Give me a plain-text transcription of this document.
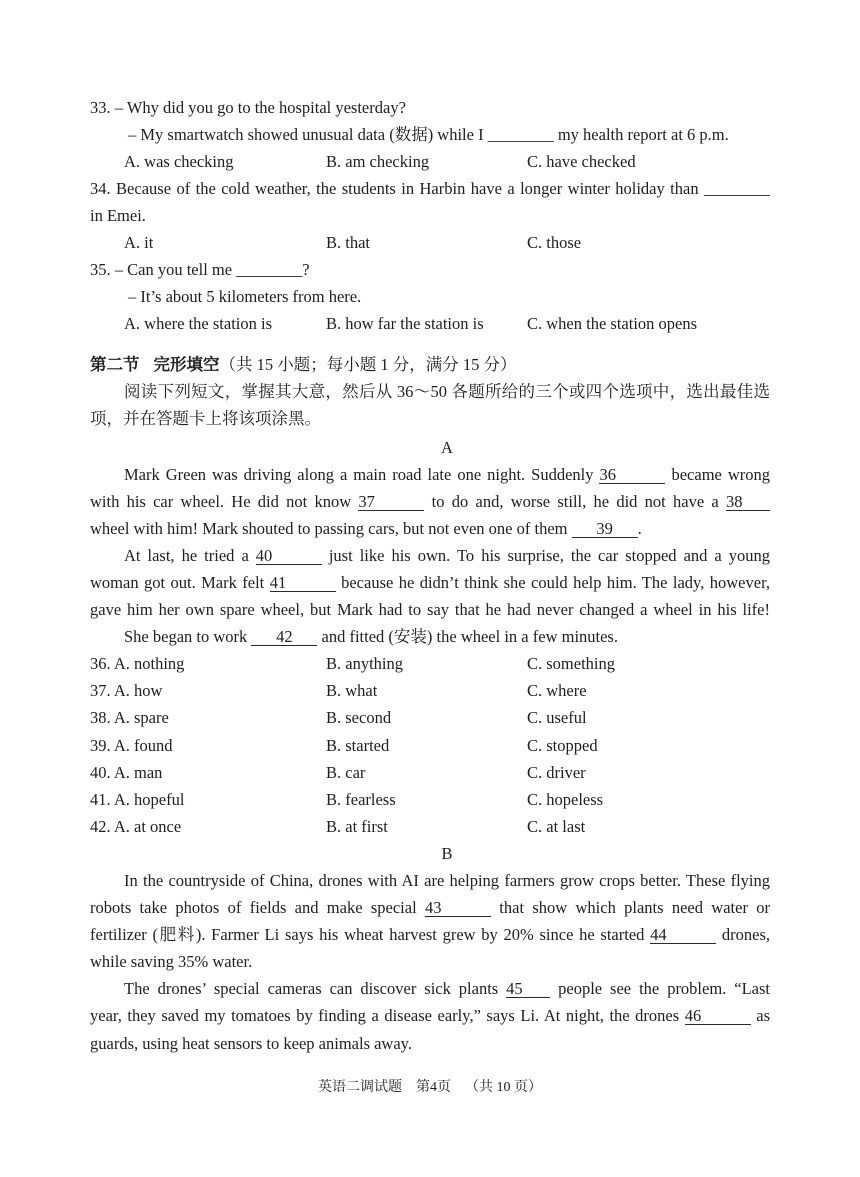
33. – Why did you go to the hospital yesterday?
– My smartwatch showed unusual data (数据) while I ________ my health report at 6 p.m.
A. was checking	B. am checking	C. have checked
34. Because of the cold weather, the students in Harbin have a longer winter holiday than ________
in Emei.
A. it	B. that	C. those
35. – Can you tell me ________?
– It’s about 5 kilometers from here.
A. where the station is	B. how far the station is	C. when the station opens
第二节 完形填空（共 15 小题；每小题 1 分，满分 15 分）
阅读下列短文，掌握其大意，然后从 36～50 各题所给的三个或四个选项中，选出最佳选
项，并在答题卡上将该项涂黑。
A
Mark Green was driving along a main road late one night. Suddenly 36	became wrong
with his car wheel. He did not know 37	to do and, worse still, he did not have a 38
wheel with him! Mark shouted to passing cars, but not even one of them 39 .
At last, he tried a 40	just like his own. To his surprise, the car stopped and a young
woman got out. Mark felt 41	because he didn’t think she could help him. The lady, however,
gave him her own spare wheel, but Mark had to say that he had never changed a wheel in his life!
She began to work 42 and fitted (安装) the wheel in a few minutes.
36. A. nothing	B. anything	C. something
37. A. how	B. what	C. where
38. A. spare	B. second	C. useful
39. A. found	B. started	C. stopped
40. A. man	B. car	C. driver
41. A. hopeful	B. fearless	C. hopeless
42. A. at once	B. at first	C. at last
B
In the countryside of China, drones with AI are helping farmers grow crops better. These flying
robots take photos of fields and make special 43	that show which plants need water or
fertilizer (肥料). Farmer Li says his wheat harvest grew by 20% since he started 44	drones,
while saving 35% water.
The drones’ special cameras can discover sick plants 45 people see the problem. “Last
year, they saved my tomatoes by finding a disease early,” says Li. At night, the drones 46	as
guards, using heat sensors to keep animals away.
英语二调试题 第4页 （共 10 页）
